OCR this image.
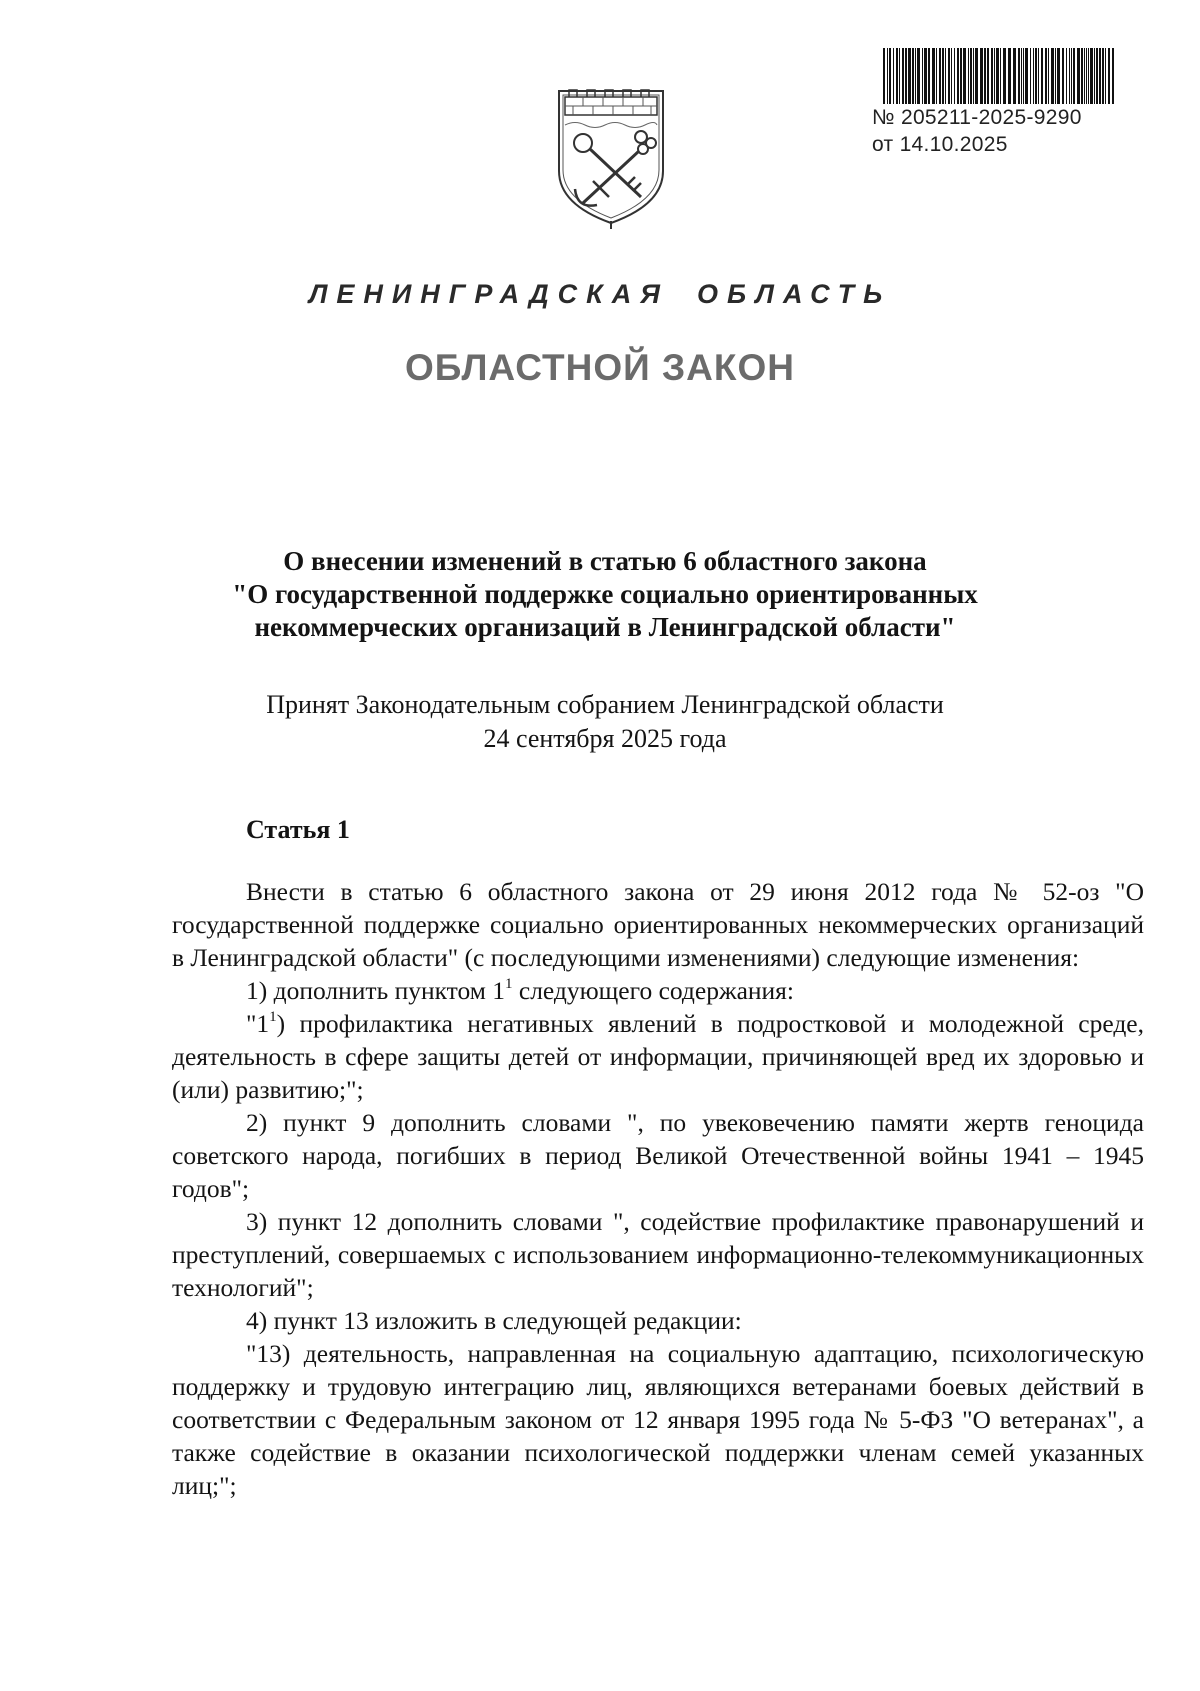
№ 205211-2025-9290
от 14.10.2025
ЛЕНИНГРАДСКАЯ ОБЛАСТЬ
ОБЛАСТНОЙ ЗАКОН
О внесении изменений в статью 6 областного закона
"О государственной поддержке социально ориентированных
некоммерческих организаций в Ленинградской области"
Принят Законодательным собранием Ленинградской области
24 сентября 2025 года
Статья 1

Внести в статью 6 областного закона от 29 июня 2012 года № 52-оз "О государственной поддержке социально ориентированных некоммерческих организаций в Ленинградской области" (с последующими изменениями) следующие изменения:

1) дополнить пунктом $1^1$ следующего содержания:

"$1^1$) профилактика негативных явлений в подростковой и молодежной среде, деятельность в сфере защиты детей от информации, причиняющей вред их здоровью и (или) развитию;";

2) пункт 9 дополнить словами ", по увековечению памяти жертв геноцида советского народа, погибших в период Великой Отечественной войны 1941 – 1945 годов";

3) пункт 12 дополнить словами ", содействие профилактике правонарушений и преступлений, совершаемых с использованием информационно-телекоммуникационных технологий";

4) пункт 13 изложить в следующей редакции:

"13) деятельность, направленная на социальную адаптацию, психологическую поддержку и трудовую интеграцию лиц, являющихся ветеранами боевых действий в соответствии с Федеральным законом от 12 января 1995 года № 5-ФЗ "О ветеранах", а также содействие в оказании психологической поддержки членам семей указанных лиц;";
